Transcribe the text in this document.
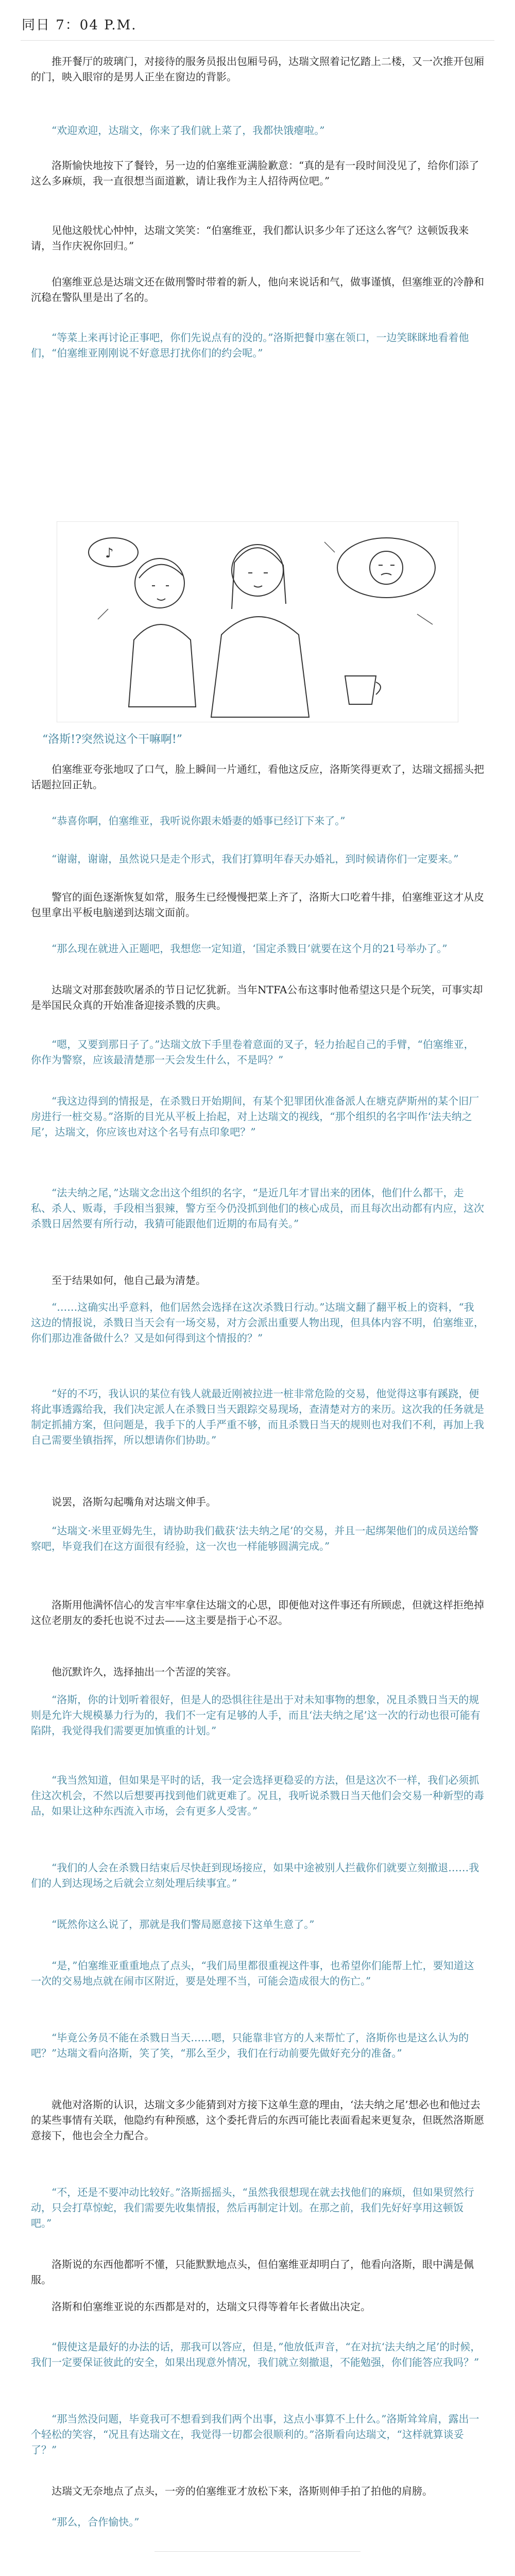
同日 7：04 P.M.

推开餐厅的玻璃门，对接待的服务员报出包厢号码，达瑞文照着记忆踏上二楼，又一次推开包厢的门，映入眼帘的是男人正坐在窗边的背影。

“欢迎欢迎，达瑞文，你来了我们就上菜了，我都快饿瘪啦。”

洛斯愉快地按下了餐铃，另一边的伯塞维亚满脸歉意：“真的是有一段时间没见了，给你们添了这么多麻烦，我一直很想当面道歉，请让我作为主人招待两位吧。”

见他这般忧心忡忡，达瑞文笑笑：“伯塞维亚，我们都认识多少年了还这么客气？这顿饭我来请，当作庆祝你回归。”

伯塞维亚总是达瑞文还在做刑警时带着的新人，他向来说话和气，做事谨慎，但塞维亚的冷静和沉稳在警队里是出了名的。

“等菜上来再讨论正事吧，你们先说点有的没的。”洛斯把餐巾塞在领口，一边笑眯眯地看着他们，“伯塞维亚刚刚说不好意思打扰你们的约会呢。”

♪
“洛斯!?突然说这个干嘛啊!”

伯塞维亚夸张地叹了口气，脸上瞬间一片通红，看他这反应，洛斯笑得更欢了，达瑞文摇摇头把话题拉回正轨。

“恭喜你啊，伯塞维亚，我听说你跟未婚妻的婚事已经订下来了。”

“谢谢，谢谢，虽然说只是走个形式，我们打算明年春天办婚礼，到时候请你们一定要来。”

警官的面色逐渐恢复如常，服务生已经慢慢把菜上齐了，洛斯大口吃着牛排，伯塞维亚这才从皮包里拿出平板电脑递到达瑞文面前。

“那么现在就进入正题吧，我想您一定知道，‘国定杀戮日’就要在这个月的21号举办了。”

达瑞文对那套鼓吹屠杀的节日记忆犹新。当年NTFA公布这事时他希望这只是个玩笑，可事实却是举国民众真的开始准备迎接杀戮的庆典。

“嗯，又要到那日子了。”达瑞文放下手里卷着意面的叉子，轻力抬起自己的手臂，“伯塞维亚，你作为警察，应该最清楚那一天会发生什么，不是吗？”

“我这边得到的情报是，在杀戮日开始期间，有某个犯罪团伙准备派人在塘克萨斯州的某个旧厂房进行一桩交易。”洛斯的目光从平板上抬起，对上达瑞文的视线，“那个组织的名字叫作‘法夫纳之尾’，达瑞文，你应该也对这个名号有点印象吧？”

“法夫纳之尾，”达瑞文念出这个组织的名字，“是近几年才冒出来的团体，他们什么都干，走私、杀人、贩毒，手段相当狠辣，警方至今仍没抓到他们的核心成员，而且每次出动都有内应，这次杀戮日居然要有所行动，我猜可能跟他们近期的布局有关。”

至于结果如何，他自己最为清楚。

“……这确实出乎意料，他们居然会选择在这次杀戮日行动。”达瑞文翻了翻平板上的资料，“我这边的情报说，杀戮日当天会有一场交易，对方会派出重要人物出现，但具体内容不明，伯塞维亚，你们那边准备做什么？又是如何得到这个情报的？”

“好的不巧，我认识的某位有钱人就最近刚被拉进一桩非常危险的交易，他觉得这事有蹊跷，便将此事透露给我，我们决定派人在杀戮日当天跟踪交易现场，查清楚对方的来历。这次我的任务就是制定抓捕方案，但问题是，我手下的人手严重不够，而且杀戮日当天的规则也对我们不利，再加上我自己需要坐镇指挥，所以想请你们协助。”

说罢，洛斯勾起嘴角对达瑞文伸手。

“达瑞文·米里亚姆先生，请协助我们截获‘法夫纳之尾’的交易，并且一起绑架他们的成员送给警察吧，毕竟我们在这方面很有经验，这一次也一样能够圆满完成。”

洛斯用他满怀信心的发言牢牢拿住达瑞文的心思，即便他对这件事还有所顾虑，但就这样拒绝掉这位老朋友的委托也说不过去——这主要是指于心不忍。

他沉默许久，选择抽出一个苦涩的笑容。

“洛斯，你的计划听着很好，但是人的恐惧往往是出于对未知事物的想象，况且杀戮日当天的规则是允许大规模暴力行为的，我们不一定有足够的人手，而且‘法夫纳之尾’这一次的行动也很可能有陷阱，我觉得我们需要更加慎重的计划。”

“我当然知道，但如果是平时的话，我一定会选择更稳妥的方法，但是这次不一样，我们必须抓住这次机会，不然以后想要再找到他们就更难了。况且，我听说杀戮日当天他们会交易一种新型的毒品，如果让这种东西流入市场，会有更多人受害。”

“我们的人会在杀戮日结束后尽快赶到现场接应，如果中途被别人拦截你们就要立刻撤退……我们的人到达现场之后就会立刻处理后续事宜。”

“既然你这么说了，那就是我们警局愿意接下这单生意了。”

“是，”伯塞维亚重重地点了点头，“我们局里都很重视这件事，也希望你们能帮上忙，要知道这一次的交易地点就在闹市区附近，要是处理不当，可能会造成很大的伤亡。”

“毕竟公务员不能在杀戮日当天……嗯，只能靠非官方的人来帮忙了，洛斯你也是这么认为的吧？”达瑞文看向洛斯，笑了笑，“那么至少，我们在行动前要先做好充分的准备。”

就他对洛斯的认识，达瑞文多少能猜到对方接下这单生意的理由，‘法夫纳之尾’想必也和他过去的某些事情有关联，他隐约有种预感，这个委托背后的东西可能比表面看起来更复杂，但既然洛斯愿意接下，他也会全力配合。

“不，还是不要冲动比较好。”洛斯摇摇头，“虽然我很想现在就去找他们的麻烦，但如果贸然行动，只会打草惊蛇，我们需要先收集情报，然后再制定计划。在那之前，我们先好好享用这顿饭吧。”

洛斯说的东西他都听不懂，只能默默地点头，但伯塞维亚却明白了，他看向洛斯，眼中满是佩服。

洛斯和伯塞维亚说的东西都是对的，达瑞文只得等着年长者做出决定。

“假使这是最好的办法的话，那我可以答应，但是，”他放低声音，“在对抗‘法夫纳之尾’的时候，我们一定要保证彼此的安全，如果出现意外情况，我们就立刻撤退，不能勉强，你们能答应我吗？”

“那当然没问题，毕竟我可不想看到我们两个出事，这点小事算不上什么。”洛斯耸耸肩，露出一个轻松的笑容，“况且有达瑞文在，我觉得一切都会很顺利的。”洛斯看向达瑞文，“这样就算谈妥了？”

达瑞文无奈地点了点头，一旁的伯塞维亚才放松下来，洛斯则伸手拍了拍他的肩膀。

“那么，合作愉快。”
